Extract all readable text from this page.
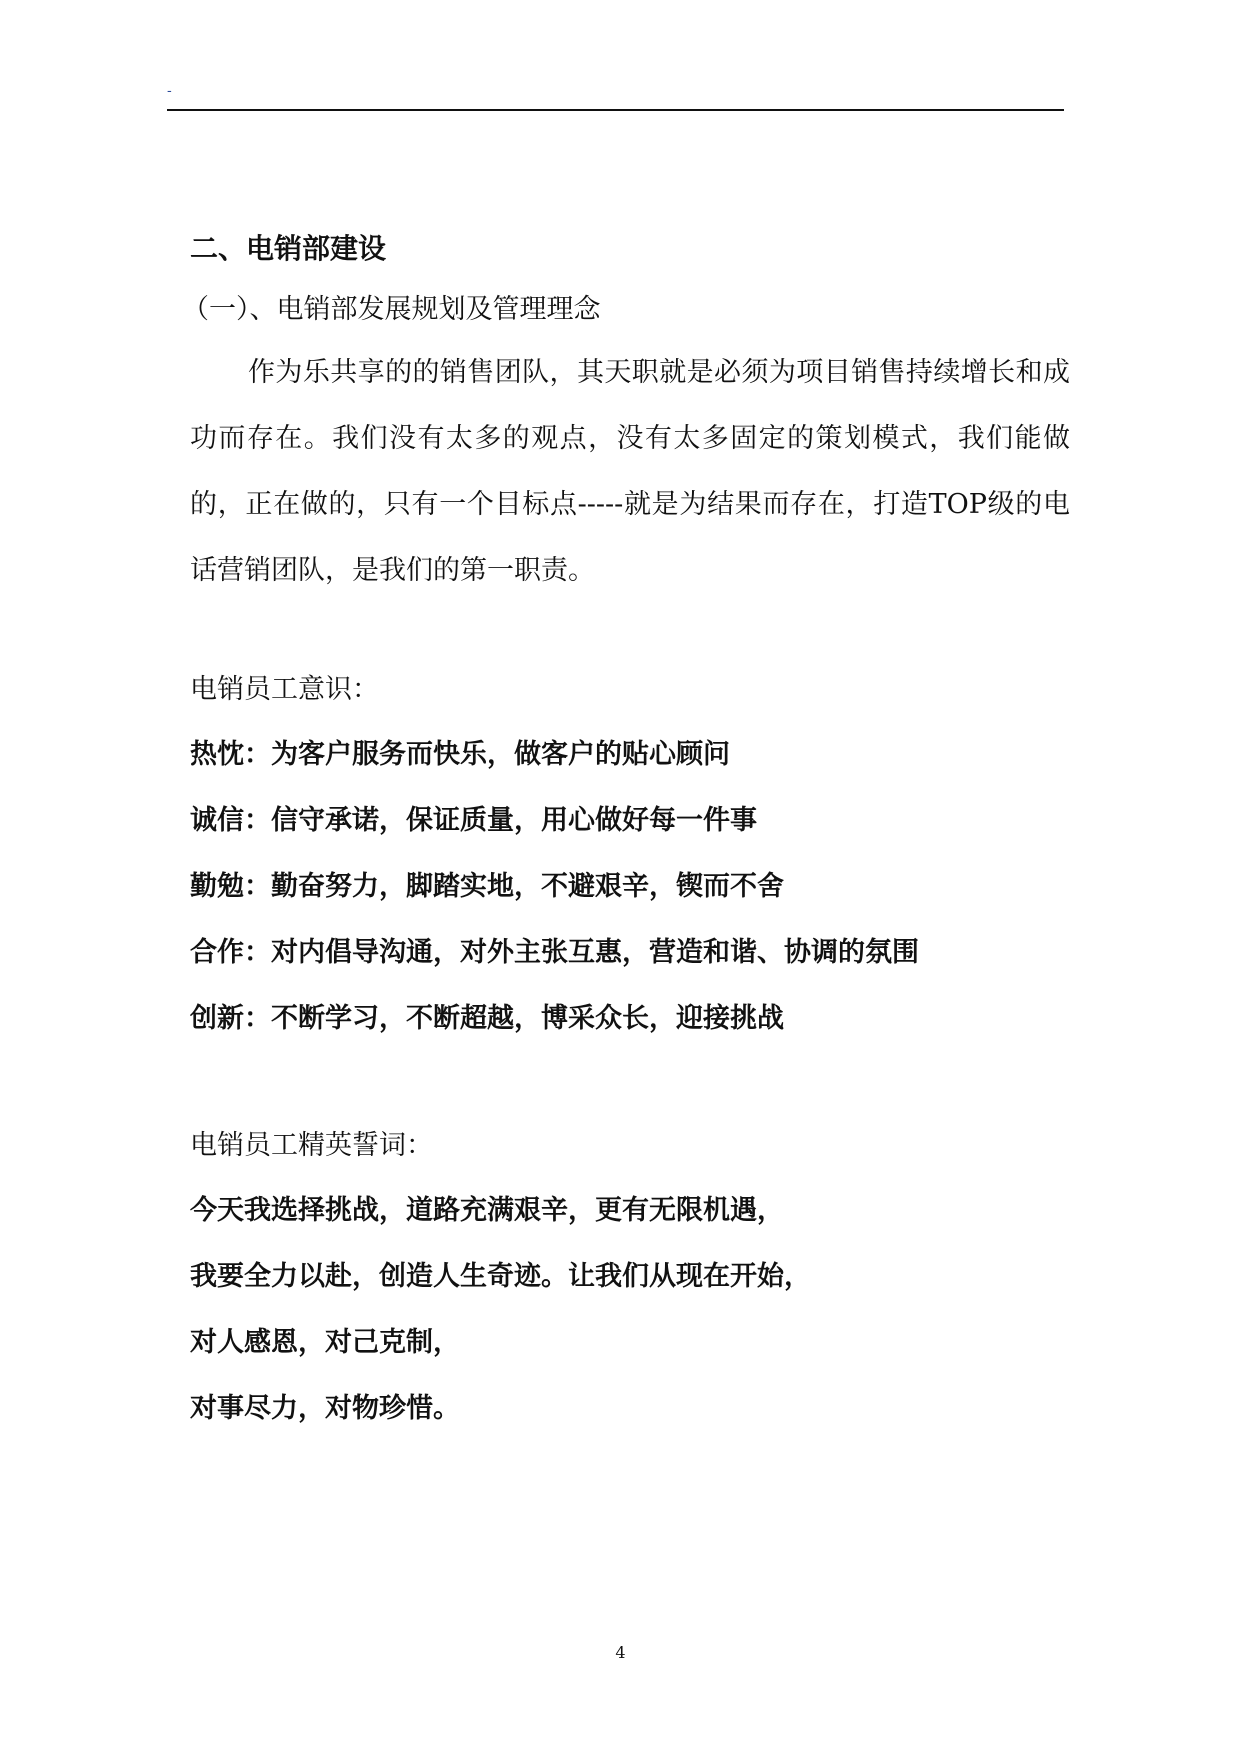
-
二、电销部建设
（一）、电销部发展规划及管理理念

作为乐共享的的销售团队，其天职就是必须为项目销售持续增长和成功而存在。我们没有太多的观点，没有太多固定的策划模式，我们能做的，正在做的，只有一个目标点-----就是为结果而存在，打造TOP级的电话营销团队，是我们的第一职责。

电销员工意识：
热忱：为客户服务而快乐，做客户的贴心顾问
诚信：信守承诺，保证质量，用心做好每一件事
勤勉：勤奋努力，脚踏实地，不避艰辛，锲而不舍
合作：对内倡导沟通，对外主张互惠，营造和谐、协调的氛围
创新：不断学习，不断超越，博采众长，迎接挑战
电销员工精英誓词：
今天我选择挑战，道路充满艰辛，更有无限机遇，
我要全力以赴，创造人生奇迹。让我们从现在开始，
对人感恩，对己克制，
对事尽力，对物珍惜。
4
